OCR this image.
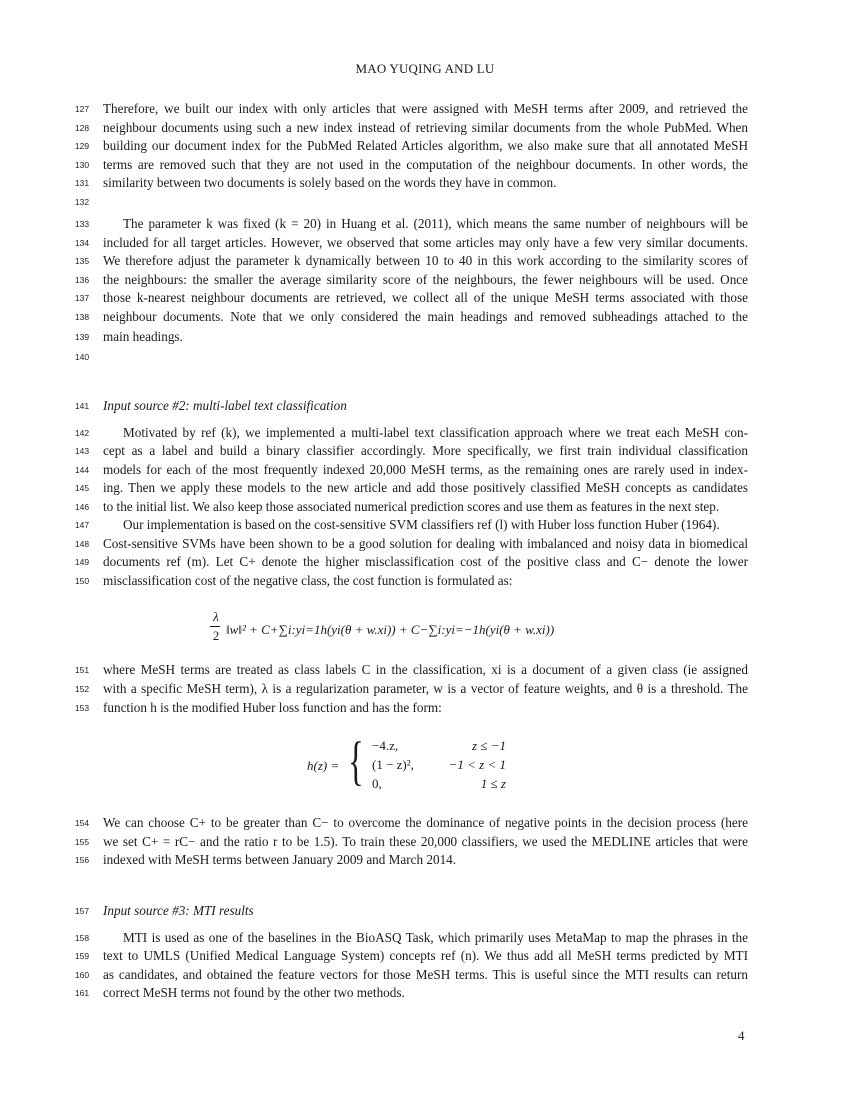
MAO YUQING AND LU
127	Therefore, we built our index with only articles that were assigned with MeSH terms after 2009, and retrieved the
128	neighbour documents using such a new index instead of retrieving similar documents from the whole PubMed. When
129	building our document index for the PubMed Related Articles algorithm, we also make sure that all annotated MeSH
130	terms are removed such that they are not used in the computation of the neighbour documents. In other words, the
131	similarity between two documents is solely based on the words they have in common.
132
133	The parameter k was fixed (k = 20) in Huang et al. (2011), which means the same number of neighbours will be
134	included for all target articles. However, we observed that some articles may only have a few very similar documents.
135	We therefore adjust the parameter k dynamically between 10 to 40 in this work according to the similarity scores of
136	the neighbours: the smaller the average similarity score of the neighbours, the fewer neighbours will be used. Once
137	those k-nearest neighbour documents are retrieved, we collect all of the unique MeSH terms associated with those
138	neighbour documents. Note that we only considered the main headings and removed subheadings attached to the
139	main headings.
140
141	Input source #2: multi-label text classification
142	Motivated by ref (k), we implemented a multi-label text classification approach where we treat each MeSH con-
143	cept as a label and build a binary classifier accordingly. More specifically, we first train individual classification
144	models for each of the most frequently indexed 20,000 MeSH terms, as the remaining ones are rarely used in index-
145	ing. Then we apply these models to the new article and add those positively classified MeSH concepts as candidates
146	to the initial list. We also keep those associated numerical prediction scores and use them as features in the next step.
147	Our implementation is based on the cost-sensitive SVM classifiers ref (l) with Huber loss function Huber (1964).
148	Cost-sensitive SVMs have been shown to be a good solution for dealing with imbalanced and noisy data in biomedical
149	documents ref (m). Let C+ denote the higher misclassification cost of the positive class and C− denote the lower
150	misclassification cost of the negative class, the cost function is formulated as:
151	where MeSH terms are treated as class labels C in the classification, xi is a document of a given class (ie assigned
152	with a specific MeSH term), λ is a regularization parameter, w is a vector of feature weights, and θ is a threshold. The
153	function h is the modified Huber loss function and has the form:
154	We can choose C+ to be greater than C− to overcome the dominance of negative points in the decision process (here
155	we set C+ = rC− and the ratio r to be 1.5). To train these 20,000 classifiers, we used the MEDLINE articles that were
156	indexed with MeSH terms between January 2009 and March 2014.
157	Input source #3: MTI results
158	MTI is used as one of the baselines in the BioASQ Task, which primarily uses MetaMap to map the phrases in the
159	text to UMLS (Unified Medical Language System) concepts ref (n). We thus add all MeSH terms predicted by MTI
160	as candidates, and obtained the feature vectors for those MeSH terms. This is useful since the MTI results can return
161	correct MeSH terms not found by the other two methods.
λ
2 ‖w‖² + C+∑i:yi=1h(yi(θ + w.xi)) + C−∑i:yi=−1h(yi(θ + w.xi))
h(z) = { −4.z,	z ≤ −1
(1 − z)²,	−1 < z < 1
0,	1 ≤ z
4
